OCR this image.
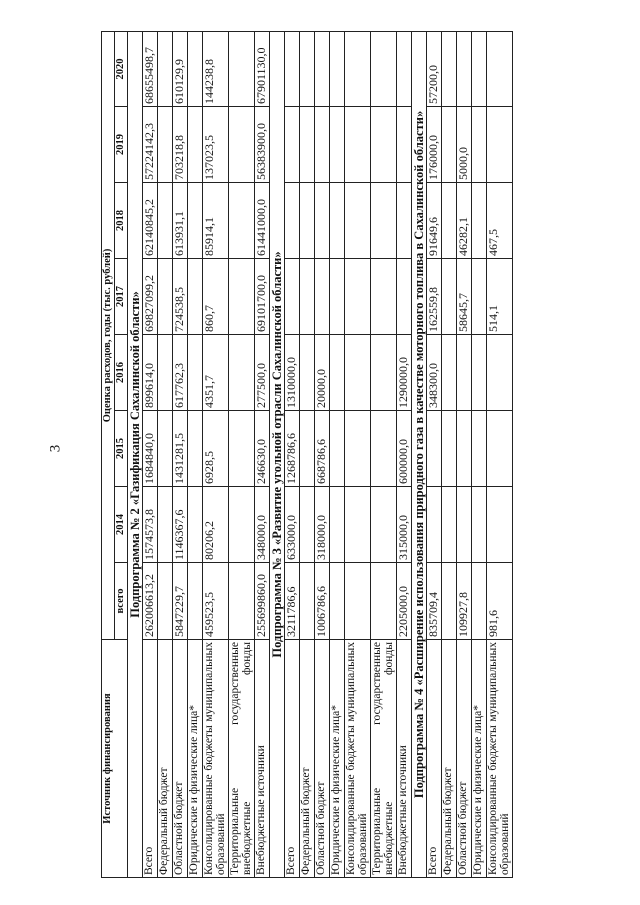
3
Источник финансирования	Оценка расходов, годы (тыс. рублей)							
	всего	2014	2015	2016	2017	2018	2019	2020
Подпрограмма № 2 «Газификация Сахалинской области»								
Всего	262006613,2	1574573,8	1684840,0	899614,0	69827099,2	62140845,2	57224142,3	68655498,7
Федеральный бюджет								
Областной бюджет	5847229,7	1146367,6	1431281,5	617762,3	724538,5	613931,1	703218,8	610129,9
Юридические и физические лица*								
Консолидированные бюджеты муниципальных образований	459523,5	80206,2	6928,5	4351,7	860,7	85914,1	137023,5	144238,8
Территориальные государственные внебюджетные фонды								
Внебюджетные источники	255699860,0	348000,0	246630,0	277500,0	69101700,0	61441000,0	56383900,0	67901130,0
Подпрограмма № 3 «Развитие угольной отрасли Сахалинской области»								
Всего	3211786,6	633000,0	1268786,6	1310000,0				
Федеральный бюджет								
Областной бюджет	1006786,6	318000,0	668786,6	20000,0				
Юридические и физические лица*								
Консолидированные бюджеты муниципальных образований								
Территориальные государственные внебюджетные фонды								
Внебюджетные источники	2205000,0	315000,0	600000,0	1290000,0				
Подпрограмма № 4 «Расширение использования природного газа в качестве моторного топлива в Сахалинской области»								
Всего	835709,4			348300,0	162559,8	91649,6	176000,0	57200,0
Федеральный бюджет								
Областной бюджет	109927,8				58645,7	46282,1	5000,0	
Юридические и физические лица*								
Консолидированные бюджеты муниципальных образований	981,6				514,1	467,5		
